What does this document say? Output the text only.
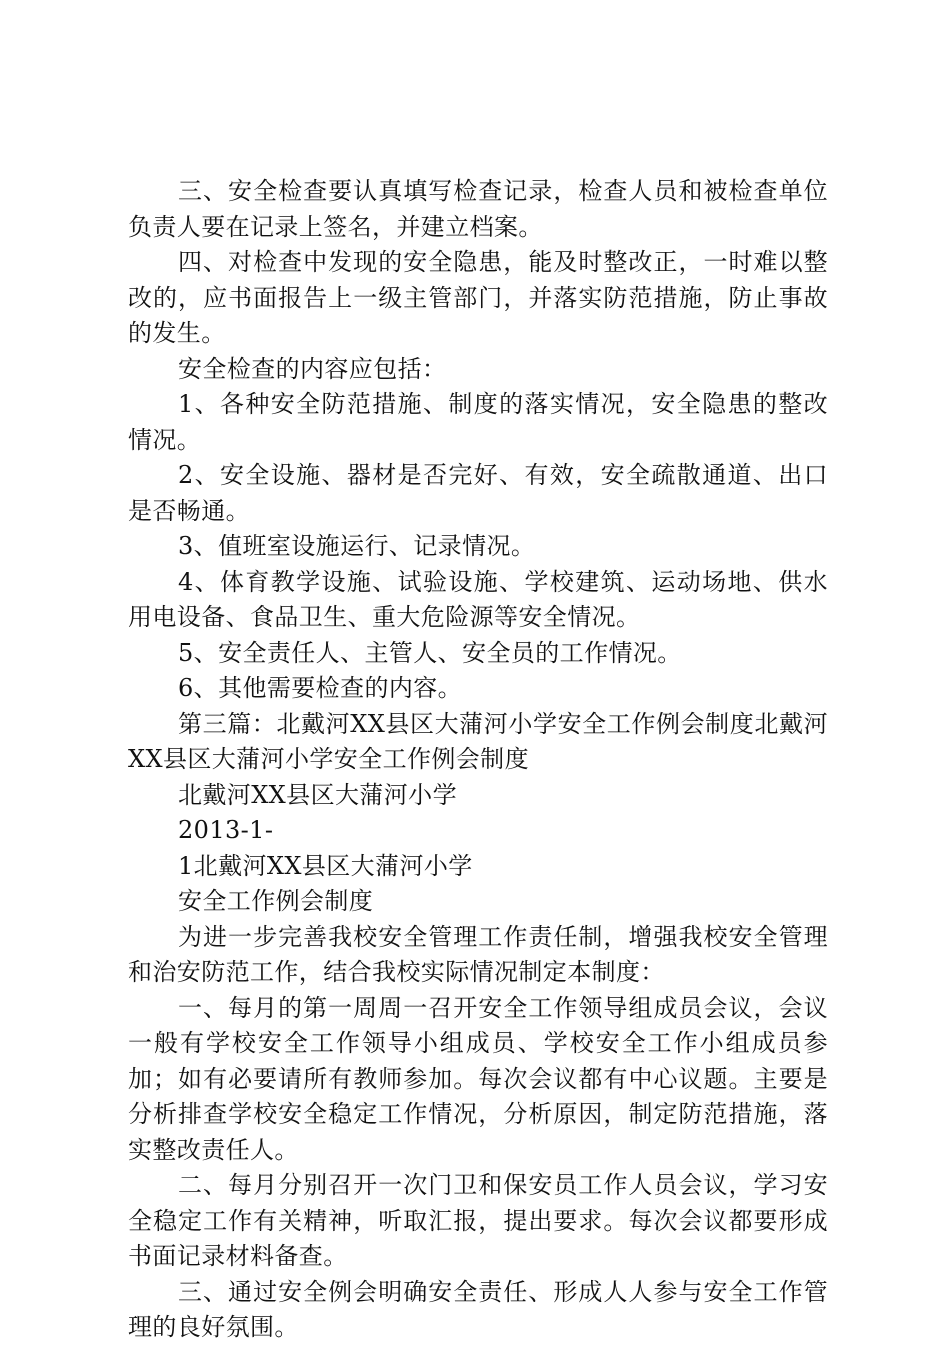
三、安全检查要认真填写检查记录，检查人员和被检查单位负责人要在记录上签名，并建立档案。

四、对检查中发现的安全隐患，能及时整改正，一时难以整改的，应书面报告上一级主管部门，并落实防范措施，防止事故的发生。

安全检查的内容应包括：

1、各种安全防范措施、制度的落实情况，安全隐患的整改情况。

2、安全设施、器材是否完好、有效，安全疏散通道、出口是否畅通。

3、值班室设施运行、记录情况。

4、体育教学设施、试验设施、学校建筑、运动场地、供水用电设备、食品卫生、重大危险源等安全情况。

5、安全责任人、主管人、安全员的工作情况。

6、其他需要检查的内容。

第三篇：北戴河XX县区大蒲河小学安全工作例会制度北戴河XX县区大蒲河小学安全工作例会制度

北戴河XX县区大蒲河小学

2013-1-

1北戴河XX县区大蒲河小学

安全工作例会制度

为进一步完善我校安全管理工作责任制，增强我校安全管理和治安防范工作，结合我校实际情况制定本制度：

一、每月的第一周周一召开安全工作领导组成员会议，会议一般有学校安全工作领导小组成员、学校安全工作小组成员参加；如有必要请所有教师参加。每次会议都有中心议题。主要是分析排查学校安全稳定工作情况，分析原因，制定防范措施，落实整改责任人。

二、每月分别召开一次门卫和保安员工作人员会议，学习安全稳定工作有关精神，听取汇报，提出要求。每次会议都要形成书面记录材料备查。

三、通过安全例会明确安全责任、形成人人参与安全工作管理的良好氛围。
